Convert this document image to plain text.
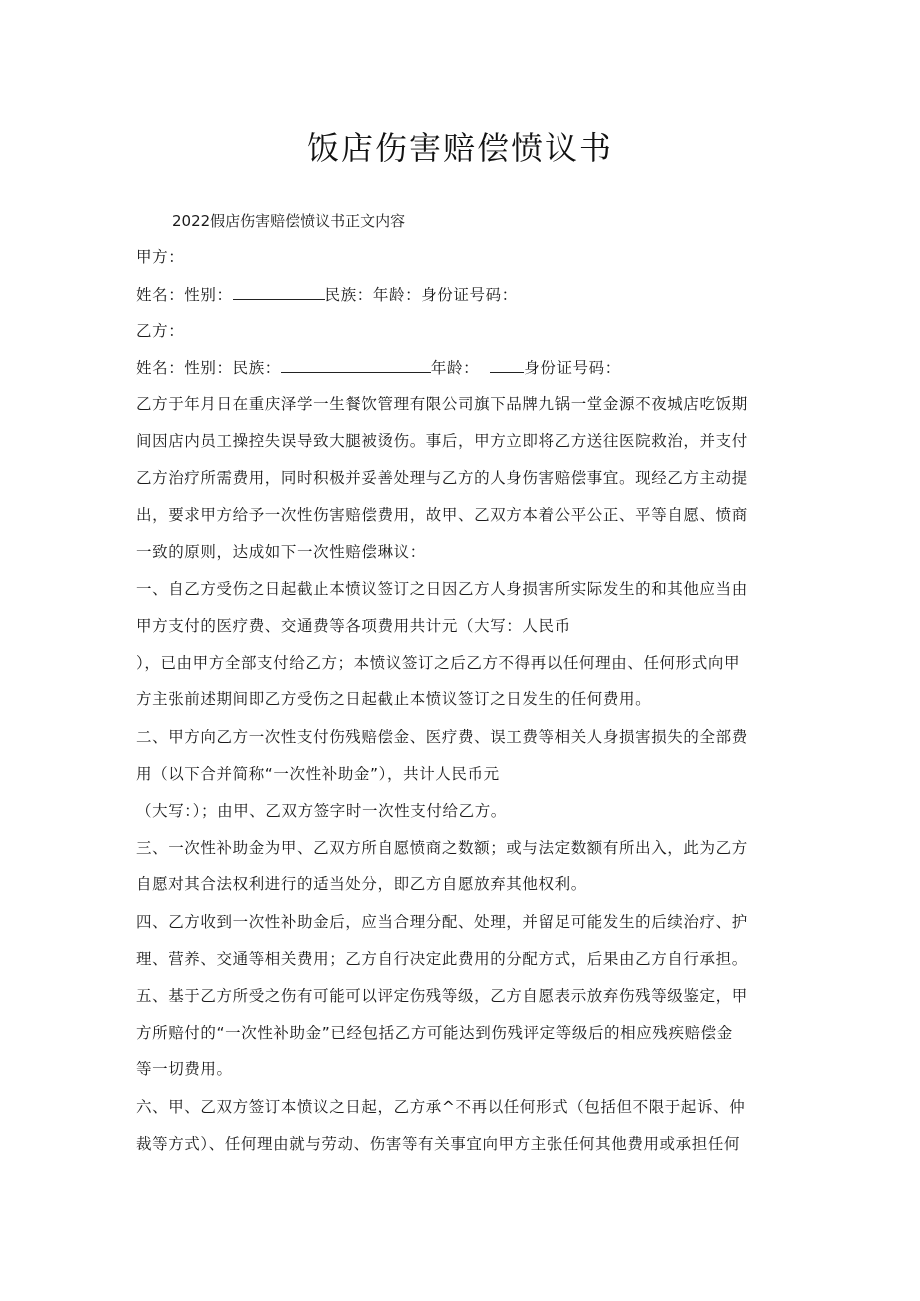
饭店伤害赔偿愤议书
2022假店伤害赔偿愤议书正文内容
甲方：
姓名：性别：	民族：年龄：身份证号码：
乙方：
姓名：性别：民族：	年龄：	身份证号码：
乙方于年月日在重庆泽学一生餐饮管理有限公司旗下品牌九锅一堂金源不夜城店吃饭期
间因店内员工操控失误导致大腿被烫伤。事后，甲方立即将乙方送往医院救治，并支付
乙方治疗所需费用，同时积极并妥善处理与乙方的人身伤害赔偿事宜。现经乙方主动提
出，要求甲方给予一次性伤害赔偿费用，故甲、乙双方本着公平公正、平等自愿、愤商
一致的原则，达成如下一次性赔偿琳议：
一、自乙方受伤之日起截止本愤议签订之日因乙方人身损害所实际发生的和其他应当由
甲方支付的医疗费、交通费等各项费用共计元（大写：人民币
），已由甲方全部支付给乙方；本愤议签订之后乙方不得再以任何理由、任何形式向甲
方主张前述期间即乙方受伤之日起截止本愤议签订之日发生的任何费用。
二、甲方向乙方一次性支付伤残赔偿金、医疗费、误工费等相关人身损害损失的全部费
用（以下合并简称“一次性补助金”），共计人民币元
（大写：）；由甲、乙双方签字时一次性支付给乙方。
三、一次性补助金为甲、乙双方所自愿愤商之数额；或与法定数额有所出入，此为乙方
自愿对其合法权利进行的适当处分，即乙方自愿放弃其他权利。
四、乙方收到一次性补助金后，应当合理分配、处理，并留足可能发生的后续治疗、护
理、营养、交通等相关费用；乙方自行决定此费用的分配方式，后果由乙方自行承担。
五、基于乙方所受之伤有可能可以评定伤残等级，乙方自愿表示放弃伤残等级鉴定，甲
方所赔付的“一次性补助金”已经包括乙方可能达到伤残评定等级后的相应残疾赔偿金
等一切费用。
六、甲、乙双方签订本愤议之日起，乙方承^不再以任何形式（包括但不限于起诉、仲
裁等方式）、任何理由就与劳动、伤害等有关事宜向甲方主张任何其他费用或承担任何
